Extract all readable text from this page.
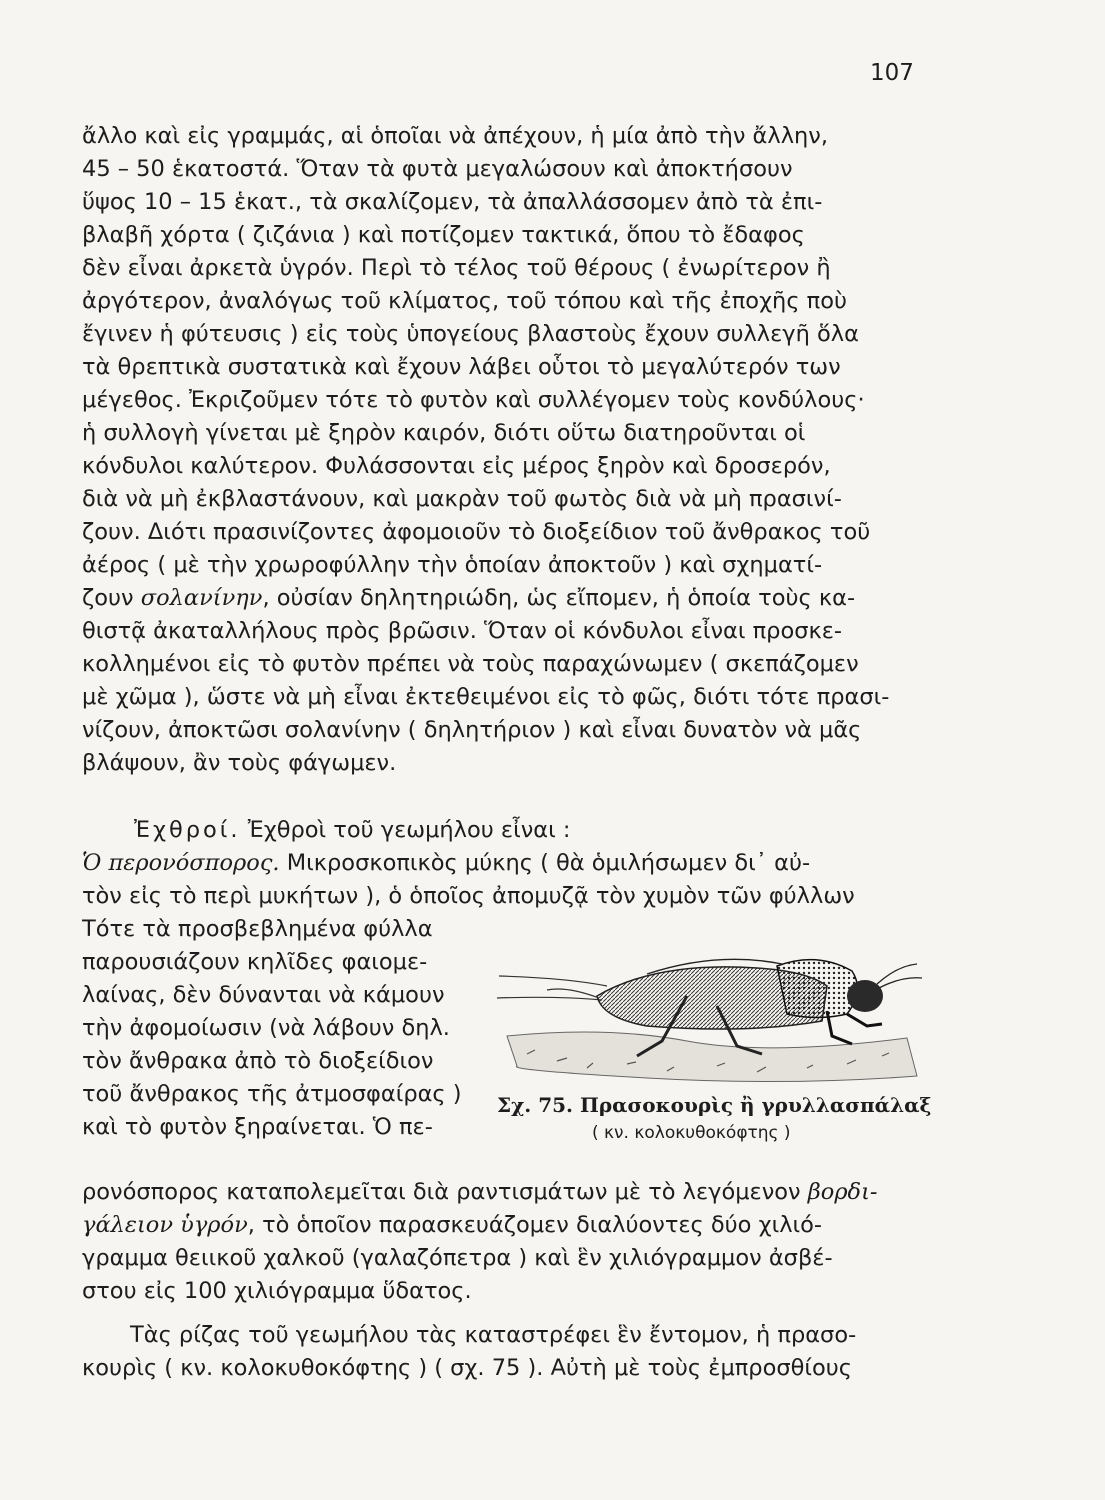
107
ἄλλο καὶ εἰς γραμμάς, αἱ ὁποῖαι νὰ ἀπέχουν, ἡ μία ἀπὸ τὴν ἄλλην,
45 – 50 ἑκατοστά. Ὅταν τὰ φυτὰ μεγαλώσουν καὶ ἀποκτήσουν
ὕψος 10 – 15 ἑκατ., τὰ σκαλίζομεν, τὰ ἀπαλλάσσομεν ἀπὸ τὰ ἐπι-
βλαβῆ χόρτα ( ζιζάνια ) καὶ ποτίζομεν τακτικά, ὅπου τὸ ἔδαφος
δὲν εἶναι ἀρκετὰ ὑγρόν. Περὶ τὸ τέλος τοῦ θέρους ( ἐνωρίτερον ἢ
ἀργότερον, ἀναλόγως τοῦ κλίματος, τοῦ τόπου καὶ τῆς ἐποχῆς ποὺ
ἔγινεν ἡ φύτευσις ) εἰς τοὺς ὑπογείους βλαστοὺς ἔχουν συλλεγῆ ὅλα
τὰ θρεπτικὰ συστατικὰ καὶ ἔχουν λάβει οὗτοι τὸ μεγαλύτερόν των
μέγεθος. Ἐκριζοῦμεν τότε τὸ φυτὸν καὶ συλλέγομεν τοὺς κονδύλους·
ἡ συλλογὴ γίνεται μὲ ξηρὸν καιρόν, διότι οὕτω διατηροῦνται οἱ
κόνδυλοι καλύτερον. Φυλάσσονται εἰς μέρος ξηρὸν καὶ δροσερόν,
διὰ νὰ μὴ ἐκβλαστάνουν, καὶ μακρὰν τοῦ φωτὸς διὰ νὰ μὴ πρασινί-
ζουν. Διότι πρασινίζοντες ἀφομοιοῦν τὸ διοξείδιον τοῦ ἄνθρακος τοῦ
ἀέρος ( μὲ τὴν χρωροφύλλην τὴν ὁποίαν ἀποκτοῦν ) καὶ σχηματί-
ζουν σολανίνην, οὐσίαν δηλητηριώδη, ὡς εἴπομεν, ἡ ὁποία τοὺς κα-
θιστᾷ ἀκαταλλήλους πρὸς βρῶσιν. Ὅταν οἱ κόνδυλοι εἶναι προσκε-
κολλημένοι εἰς τὸ φυτὸν πρέπει νὰ τοὺς παραχώνωμεν ( σκεπάζομεν
μὲ χῶμα ), ὥστε νὰ μὴ εἶναι ἐκτεθειμένοι εἰς τὸ φῶς, διότι τότε πρασι-
νίζουν, ἀποκτῶσι σολανίνην ( δηλητήριον ) καὶ εἶναι δυνατὸν νὰ μᾶς
βλάψουν, ἂν τοὺς φάγωμεν.
Ἐχθροί. Ἐχθροὶ τοῦ γεωμήλου εἶναι :
Ὁ περονόσπορος. Μικροσκοπικὸς μύκης ( θὰ ὁμιλήσωμεν δι᾽ αὐ-
τὸν εἰς τὸ περὶ μυκήτων ), ὁ ὁποῖος ἀπομυζᾷ τὸν χυμὸν τῶν φύλλων
Τότε τὰ προσβεβλημένα φύλλα
παρουσιάζουν κηλῖδες φαιομε-
λαίνας, δὲν δύνανται νὰ κάμουν
τὴν ἀφομοίωσιν (νὰ λάβουν δηλ.
τὸν ἄνθρακα ἀπὸ τὸ διοξείδιον
τοῦ ἄνθρακος τῆς ἀτμοσφαίρας )
καὶ τὸ φυτὸν ξηραίνεται. Ὁ πε-
Σχ. 75. Πρασοκουρὶς ἢ γρυλλασπάλαξ
( κν. κολοκυθοκόφτης )
ρονόσπορος καταπολεμεῖται διὰ ραντισμάτων μὲ τὸ λεγόμενον βορδι-
γάλειον ὑγρόν, τὸ ὁποῖον παρασκευάζομεν διαλύοντες δύο χιλιό-
γραμμα θειικοῦ χαλκοῦ (γαλαζόπετρα ) καὶ ἓν χιλιόγραμμον ἀσβέ-
στου εἰς 100 χιλιόγραμμα ὕδατος.
Τὰς ρίζας τοῦ γεωμήλου τὰς καταστρέφει ἓν ἔντομον, ἡ πρασο-
κουρὶς ( κν. κολοκυθοκόφτης ) ( σχ. 75 ). Αὐτὴ μὲ τοὺς ἐμπροσθίους
